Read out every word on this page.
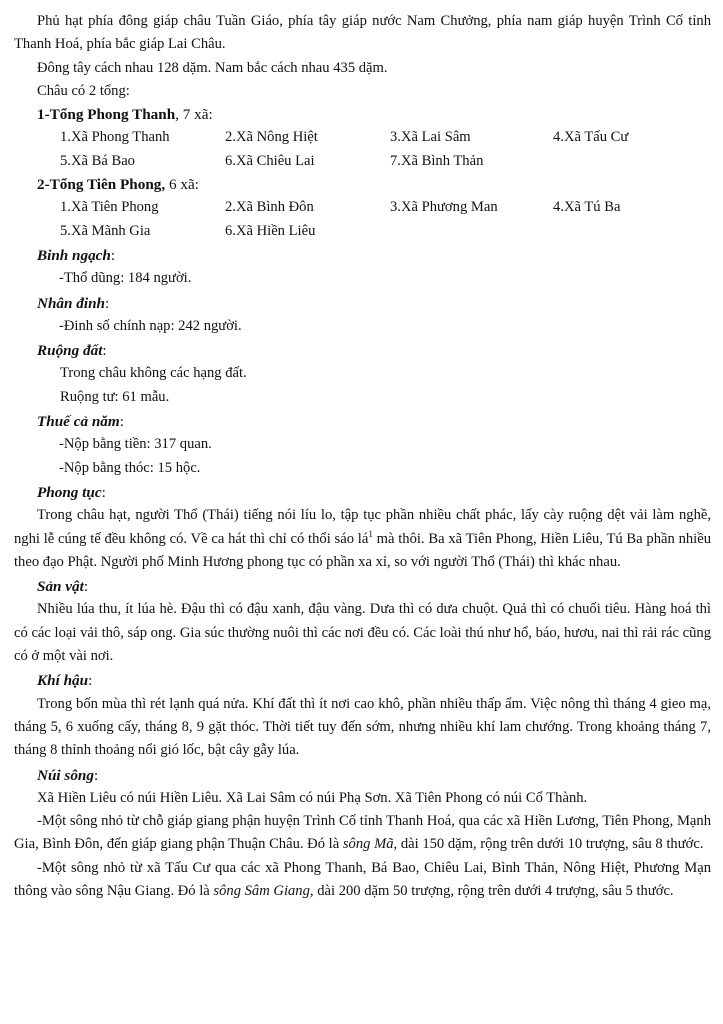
Phủ hạt phía đông giáp châu Tuần Giáo, phía tây giáp nước Nam Chưởng, phía nam giáp huyện Trình Cố tỉnh Thanh Hoá, phía bắc giáp Lai Châu.

Đông tây cách nhau 128 dặm. Nam bắc cách nhau 435 dặm.

Châu có 2 tổng:

1-Tổng Phong Thanh, 7 xã:

1.Xã Phong Thanh	2.Xã Nông Hiệt	3.Xã Lai Sâm	4.Xã Tấu Cư
5.Xã Bá Bao	6.Xã Chiêu Lai	7.Xã Bình Thản

2-Tổng Tiên Phong, 6 xã:

1.Xã Tiên Phong	2.Xã Bình Đôn	3.Xã Phương Man	4.Xã Tú Ba
5.Xã Mãnh Gia	6.Xã Hiền Liêu

Binh ngạch:

-Thổ dũng: 184 người.

Nhân đinh:

-Đinh số chính nạp: 242 người.

Ruộng đất:

Trong châu không các hạng đất.

Ruộng tư: 61 mẫu.

Thuế cả năm:

-Nộp bằng tiền: 317 quan.

-Nộp bằng thóc: 15 hộc.

Phong tục:

Trong châu hạt, người Thổ (Thái) tiếng nói líu lo, tập tục phần nhiều chất phác, lấy cày ruộng dệt vải làm nghề, nghi lễ cúng tế đều không có. Về ca hát thì chỉ có thổi sáo $lá^1$ mà thôi. Ba xã Tiên Phong, Hiền Liêu, Tú Ba phần nhiều theo đạo Phật. Người phố Minh Hương phong tục có phần xa xỉ, so với người Thổ (Thái) thì khác nhau.

Sản vật:

Nhiều lúa thu, ít lúa hè. Đậu thì có đậu xanh, đậu vàng. Dưa thì có dưa chuột. Quả thì có chuối tiêu. Hàng hoá thì có các loại vải thô, sáp ong. Gia súc thường nuôi thì các nơi đều có. Các loài thú như hổ, báo, hươu, nai thì rải rác cũng có ở một vài nơi.

Khí hậu:

Trong bốn mùa thì rét lạnh quá nửa. Khí đất thì ít nơi cao khô, phần nhiều thấp ẩm. Việc nông thì tháng 4 gieo mạ, tháng 5, 6 xuống cấy, tháng 8, 9 gặt thóc. Thời tiết tuy đến sớm, nhưng nhiều khí lam chướng. Trong khoảng tháng 7, tháng 8 thỉnh thoảng nổi gió lốc, bật cây gẫy lúa.

Núi sông:

Xã Hiền Liêu có núi Hiền Liêu. Xã Lai Sâm có núi Phạ Sơn. Xã Tiên Phong có núi Cổ Thành.

-Một sông nhỏ từ chỗ giáp giang phận huyện Trình Cố tỉnh Thanh Hoá, qua các xã Hiền Lương, Tiên Phong, Mạnh Gia, Bình Đôn, đến giáp giang phận Thuận Châu. Đó là sông Mã, dài 150 dặm, rộng trên dưới 10 trượng, sâu 8 thước.

-Một sông nhỏ từ xã Tấu Cư qua các xã Phong Thanh, Bá Bao, Chiêu Lai, Bình Thản, Nông Hiệt, Phương Mạn thông vào sông Nậu Giang. Đó là sông Sâm Giang, dài 200 dặm 50 trượng, rộng trên dưới 4 trượng, sâu 5 thước.
